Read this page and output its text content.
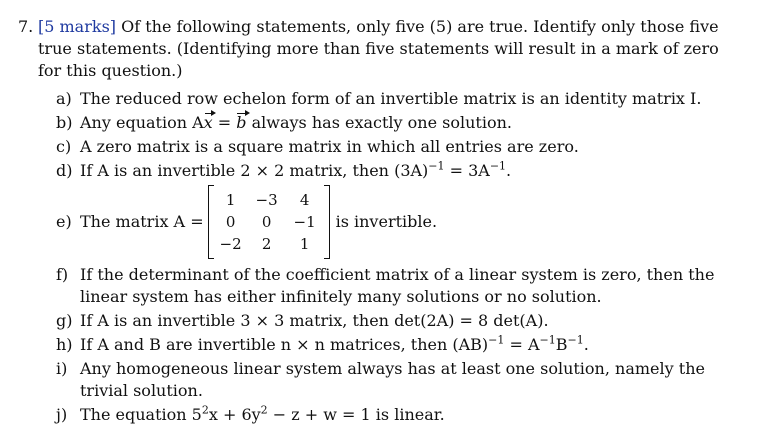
7. [5 marks] Of the following statements, only five (5) are true. Identify only those five true statements. (Identifying more than five statements will result in a mark of zero for this question.)
a) The reduced row echelon form of an invertible matrix is an identity matrix I.
b) Any equation Ax = b always has exactly one solution.
c) A zero matrix is a square matrix in which all entries are zero.
d) If A is an invertible 2 × 2 matrix, then $(3A)^{-1} = 3A^{-1}$.
e) The matrix A =
1	−3	4
0	0	−1
−2	2	1
is invertible.
f) If the determinant of the coefficient matrix of a linear system is zero, then the linear system has either infinitely many solutions or no solution.
g) If A is an invertible 3 × 3 matrix, then det(2A) = 8 det(A).
h) If A and B are invertible n × n matrices, then $(AB)^{-1} = A^{-1}B^{-1}$.
i) Any homogeneous linear system always has at least one solution, namely the trivial solution.
j) The equation $5^2x + 6y^2 - z + w = 1$ is linear.
